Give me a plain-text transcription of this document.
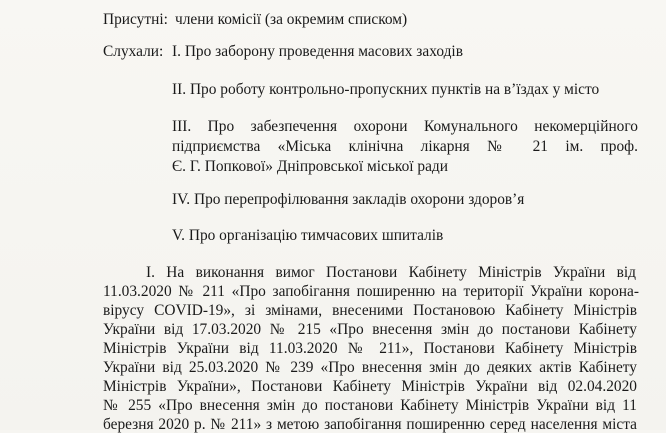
Присутні: члени комісії (за окремим списком)
Слухали: I. Про заборону проведення масових заходів
II. Про роботу контрольно-пропускних пунктів на в’їздах у місто
III. Про забезпечення охорони Комунального некомерційного
підприємства «Міська клінічна лікарня № 21 ім. проф.
Є. Г. Попкової» Дніпровської міської ради
IV. Про перепрофілювання закладів охорони здоров’я
V. Про організацію тимчасових шпиталів
I. На виконання вимог Постанови Кабінету Міністрів України від
11.03.2020 № 211 «Про запобігання поширенню на території України корона-
вірусу COVID-19», зі змінами, внесеними Постановою Кабінету Міністрів
України від 17.03.2020 № 215 «Про внесення змін до постанови Кабінету
Міністрів України від 11.03.2020 № 211», Постанови Кабінету Міністрів
України від 25.03.2020 № 239 «Про внесення змін до деяких актів Кабінету
Міністрів України», Постанови Кабінету Міністрів України від 02.04.2020
№ 255 «Про внесення змін до постанови Кабінету Міністрів України від 11
березня 2020 р. № 211» з метою запобігання поширенню серед населення міста
